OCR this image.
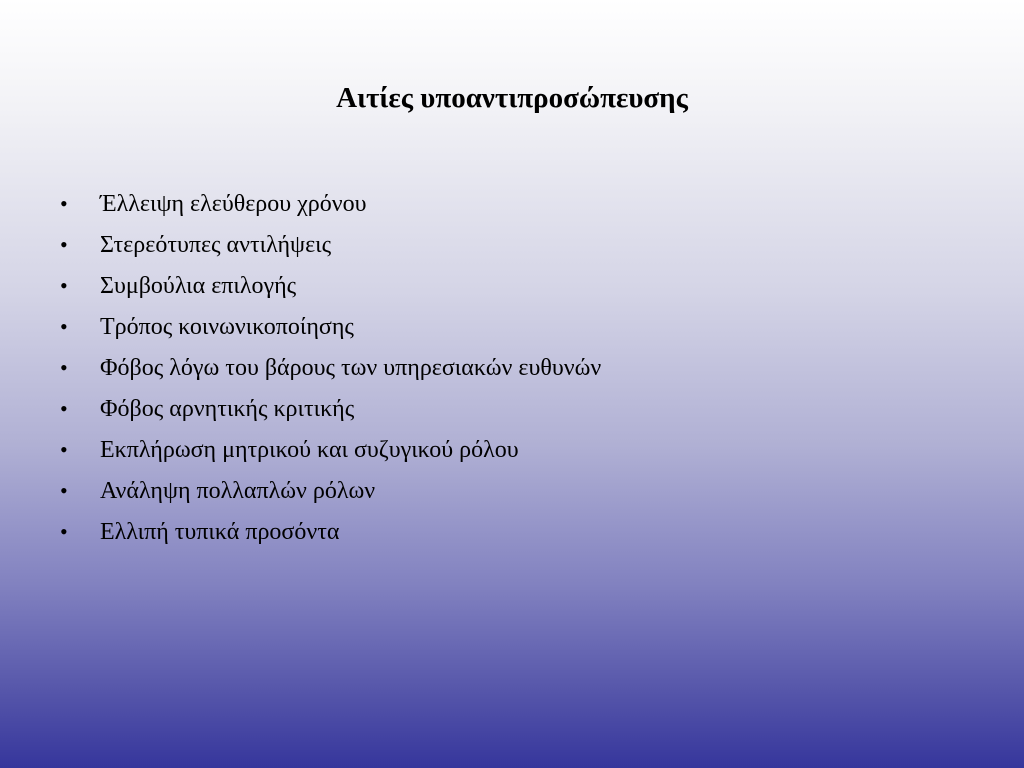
Αιτίες υποαντιπροσώπευσης
•	Έλλειψη ελεύθερου χρόνου
•	Στερεότυπες αντιλήψεις
•	Συμβούλια επιλογής
•	Τρόπος κοινωνικοποίησης
•	Φόβος λόγω του βάρους των υπηρεσιακών ευθυνών
•	Φόβος αρνητικής κριτικής
•	Εκπλήρωση μητρικού και συζυγικού ρόλου
•	Ανάληψη πολλαπλών ρόλων
•	Ελλιπή τυπικά προσόντα
